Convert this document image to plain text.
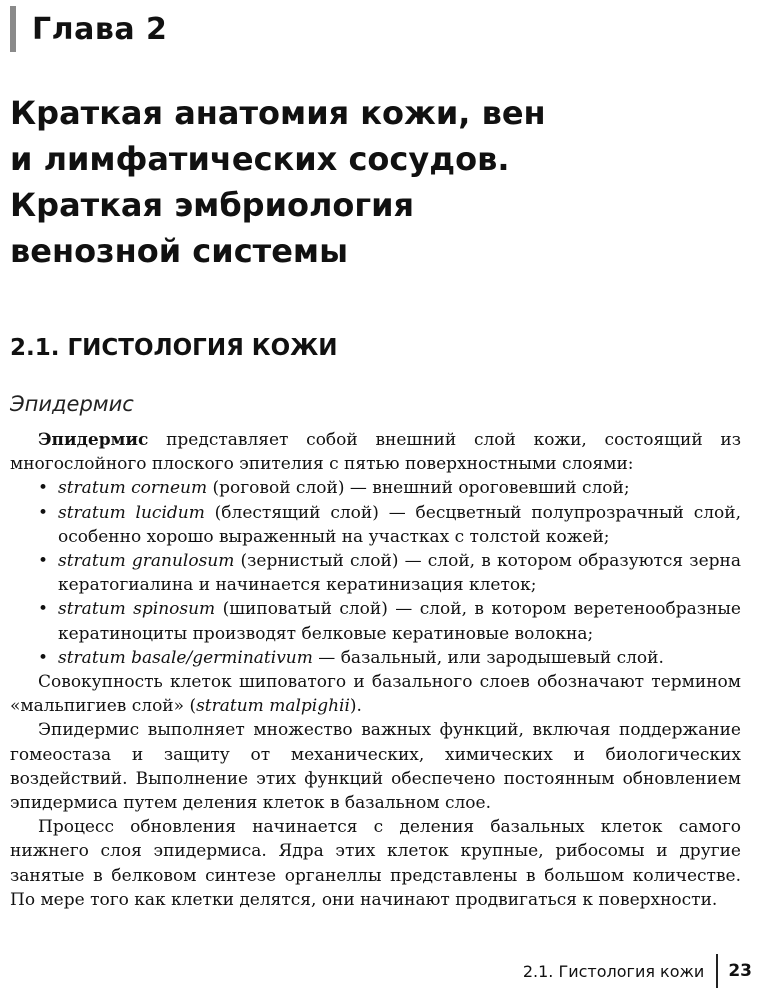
Глава 2
Краткая анатомия кожи, вен
и лимфатических сосудов.
Краткая эмбриология
венозной системы
2.1. ГИСТОЛОГИЯ КОЖИ
Эпидермис

Эпидермис представляет собой внешний слой кожи, состоящий из многослойного плоского эпителия с пятью поверхностными слоями:

• stratum corneum (роговой слой) — внешний ороговевший слой;
• stratum lucidum (блестящий слой) — бесцветный полупрозрачный слой, особенно хорошо выраженный на участках с толстой кожей;
• stratum granulosum (зернистый слой) — слой, в котором образуются зерна кератогиалина и начинается кератинизация клеток;
• stratum spinosum (шиповатый слой) — слой, в котором веретенообразные кератиноциты производят белковые кератиновые волокна;
• stratum basale/germinativum — базальный, или зародышевый слой.

Совокупность клеток шиповатого и базального слоев обозначают термином «мальпигиев слой» (stratum malpighii).

Эпидермис выполняет множество важных функций, включая поддержание гомеостаза и защиту от механических, химических и биологических воздействий. Выполнение этих функций обеспечено постоянным обновлением эпидермиса путем деления клеток в базальном слое.

Процесс обновления начинается с деления базальных клеток самого нижнего слоя эпидермиса. Ядра этих клеток крупные, рибосомы и другие занятые в белковом синтезе органеллы представлены в большом количестве. По мере того как клетки делятся, они начинают продвигаться к поверхности.

2.1. Гистология кожи	23
